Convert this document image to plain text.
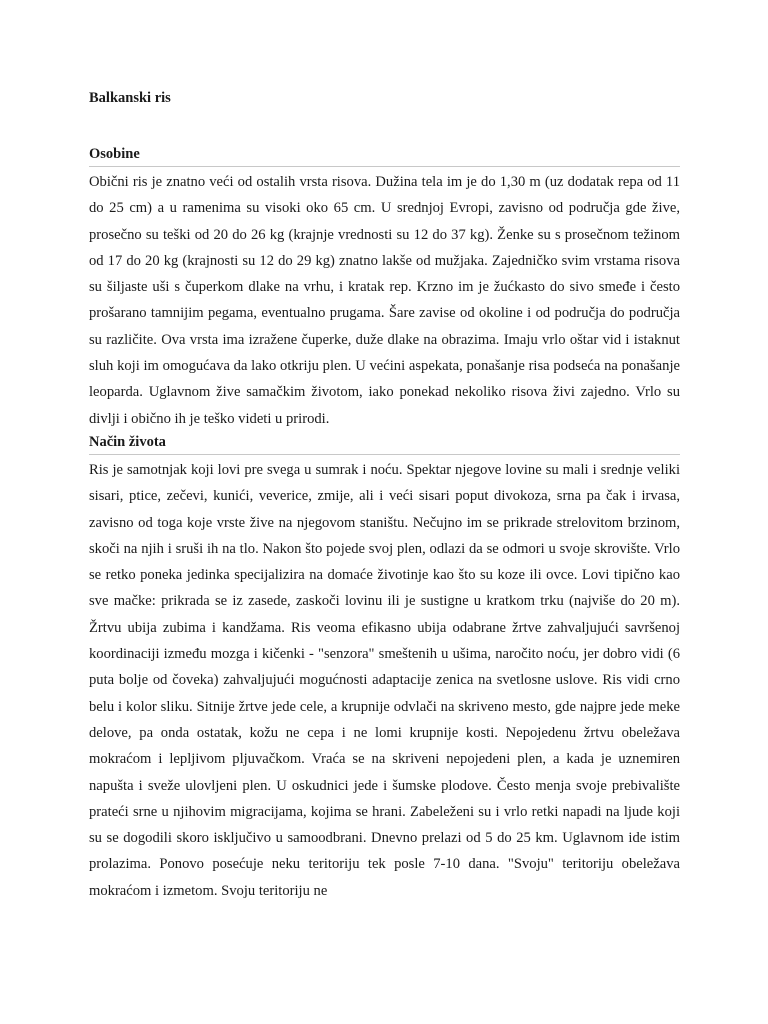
Balkanski ris
Osobine

Obični ris je znatno veći od ostalih vrsta risova. Dužina tela im je do 1,30 m (uz dodatak repa od 11 do 25 cm) a u ramenima su visoki oko 65 cm. U srednjoj Evropi, zavisno od područja gde žive, prosečno su teški od 20 do 26 kg (krajnje vrednosti su 12 do 37 kg). Ženke su s prosečnom težinom od 17 do 20 kg (krajnosti su 12 do 29 kg) znatno lakše od mužjaka. Zajedničko svim vrstama risova su šiljaste uši s čuperkom dlake na vrhu, i kratak rep. Krzno im je žućkasto do sivo smeđe i često prošarano tamnijim pegama, eventualno prugama. Šare zavise od okoline i od područja do područja su različite. Ova vrsta ima izražene čuperke, duže dlake na obrazima. Imaju vrlo oštar vid i istaknut sluh koji im omogućava da lako otkriju plen. U većini aspekata, ponašanje risa podseća na ponašanje leoparda. Uglavnom žive samačkim životom, iako ponekad nekoliko risova živi zajedno. Vrlo su divlji i obično ih je teško videti u prirodi.

Način života

Ris je samotnjak koji lovi pre svega u sumrak i noću. Spektar njegove lovine su mali i srednje veliki sisari, ptice, zečevi, kunići, veverice, zmije, ali i veći sisari poput divokoza, srna pa čak i irvasa, zavisno od toga koje vrste žive na njegovom staništu. Nečujno im se prikrade strelovitom brzinom, skoči na njih i sruši ih na tlo. Nakon što pojede svoj plen, odlazi da se odmori u svoje skrovište. Vrlo se retko poneka jedinka specijalizira na domaće životinje kao što su koze ili ovce. Lovi tipično kao sve mačke: prikrada se iz zasede, zaskoči lovinu ili je sustigne u kratkom trku (najviše do 20 m). Žrtvu ubija zubima i kandžama. Ris veoma efikasno ubija odabrane žrtve zahvaljujući savršenoj koordinaciji između mozga i kičenki - "senzora" smeštenih u ušima, naročito noću, jer dobro vidi (6 puta bolje od čoveka) zahvaljujući mogućnosti adaptacije zenica na svetlosne uslove. Ris vidi crno belu i kolor sliku. Sitnije žrtve jede cele, a krupnije odvlači na skriveno mesto, gde najpre jede meke delove, pa onda ostatak, kožu ne cepa i ne lomi krupnije kosti. Nepojedenu žrtvu obeležava mokraćom i lepljivom pljuvačkom. Vraća se na skriveni nepojedeni plen, a kada je uznemiren napušta i sveže ulovljeni plen. U oskudnici jede i šumske plodove. Često menja svoje prebivalište prateći srne u njihovim migracijama, kojima se hrani. Zabeleženi su i vrlo retki napadi na ljude koji su se dogodili skoro isključivo u samoodbrani. Dnevno prelazi od 5 do 25 km. Uglavnom ide istim prolazima. Ponovo posećuje neku teritoriju tek posle 7-10 dana. "Svoju" teritoriju obeležava mokraćom i izmetom. Svoju teritoriju ne
